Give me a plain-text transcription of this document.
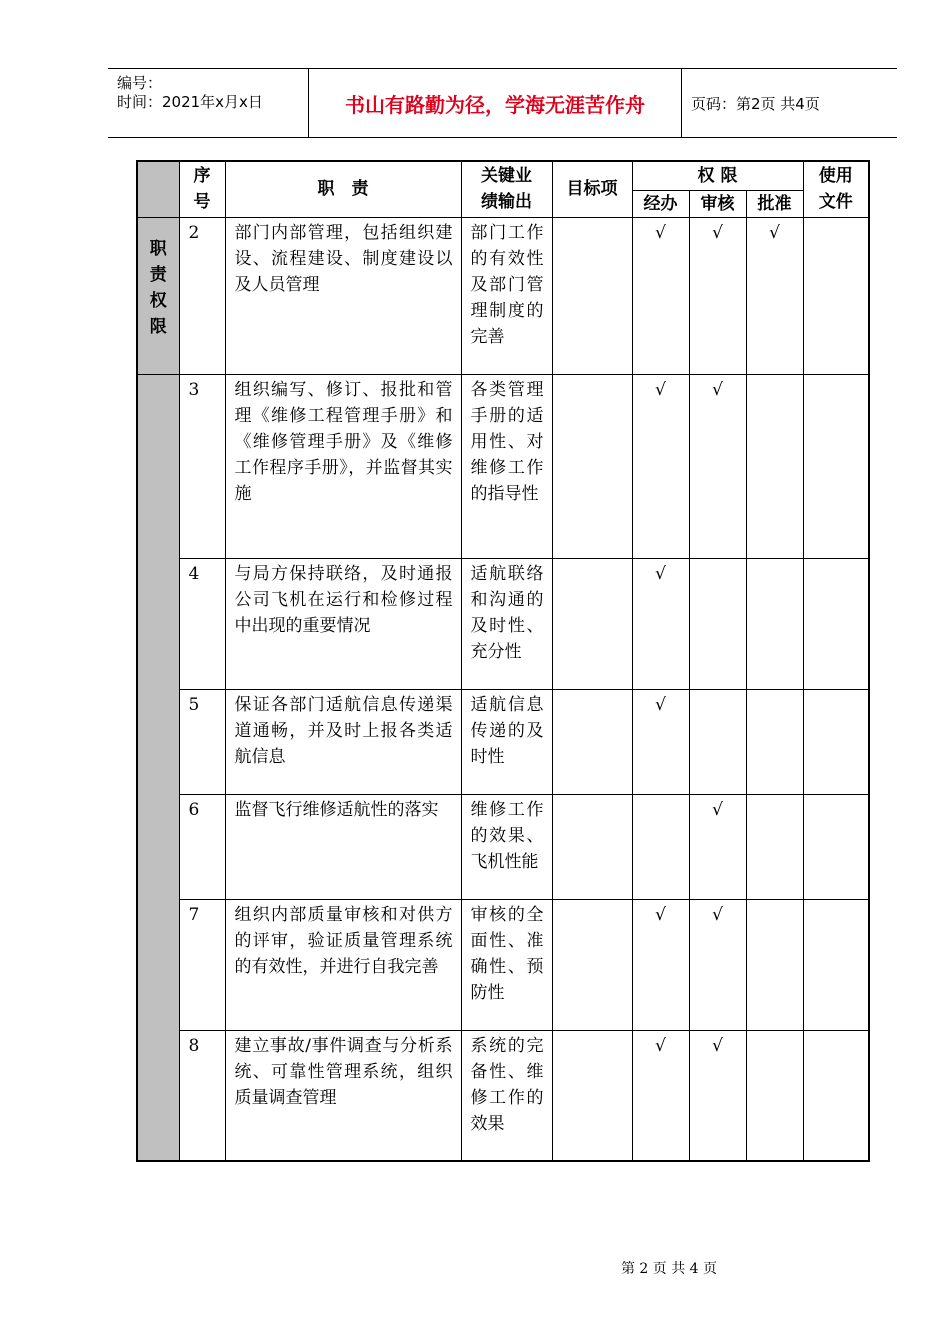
编号：
时间：2021年x月x日	书山有路勤为径，学海无涯苦作舟	页码：第2页 共4页
	序号	职　责	关键业绩输出	目标项	权 限			使用文件
					经办	审核	批准	

职责权限	2	部门内部管理，包括组织建设、流程建设、制度建设以及人员管理	部门工作的有效性及部门管理制度的完善		√	√	√	
	3	组织编写、修订、报批和管理《维修工程管理手册》和《维修管理手册》及《维修工作程序手册》，并监督其实施	各类管理手册的适用性、对维修工作的指导性		√	√		
	4	与局方保持联络，及时通报公司飞机在运行和检修过程中出现的重要情况	适航联络和沟通的及时性、充分性		√			
	5	保证各部门适航信息传递渠道通畅，并及时上报各类适航信息	适航信息传递的及时性		√			
	6	监督飞行维修适航性的落实	维修工作的效果、飞机性能			√		
	7	组织内部质量审核和对供方的评审，验证质量管理系统的有效性，并进行自我完善	审核的全面性、准确性、预防性		√	√		
	8	建立事故/事件调查与分析系统、可靠性管理系统，组织质量调查管理	系统的完备性、维修工作的效果		√	√		
第 2 页 共 4 页
